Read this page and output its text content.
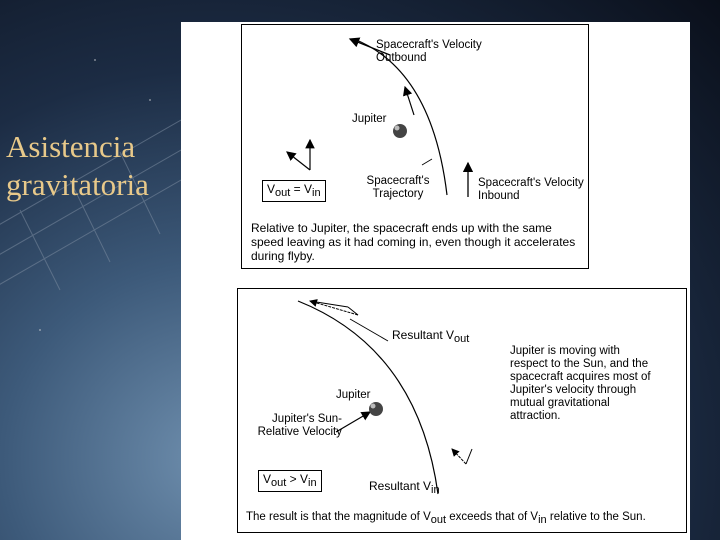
Asistencia
gravitatoria
Spacecraft's Velocity Outbound
Jupiter
Spacecraft's Trajectory
Spacecraft's Velocity Inbound
$V_{out} = V_{in}$
Relative to Jupiter, the spacecraft ends up with the same speed leaving as it had coming in, even though it accelerates during flyby.
Resultant $V_{out}$
Jupiter
Jupiter's Sun-Relative Velocity
Jupiter is moving with respect to the Sun, and the spacecraft acquires most of Jupiter's velocity through mutual gravitational attraction.
$V_{out} > V_{in}$	Resultant $V_{in}$
The result is that the magnitude of $V_{out}$ exceeds that of $V_{in}$ relative to the Sun.
